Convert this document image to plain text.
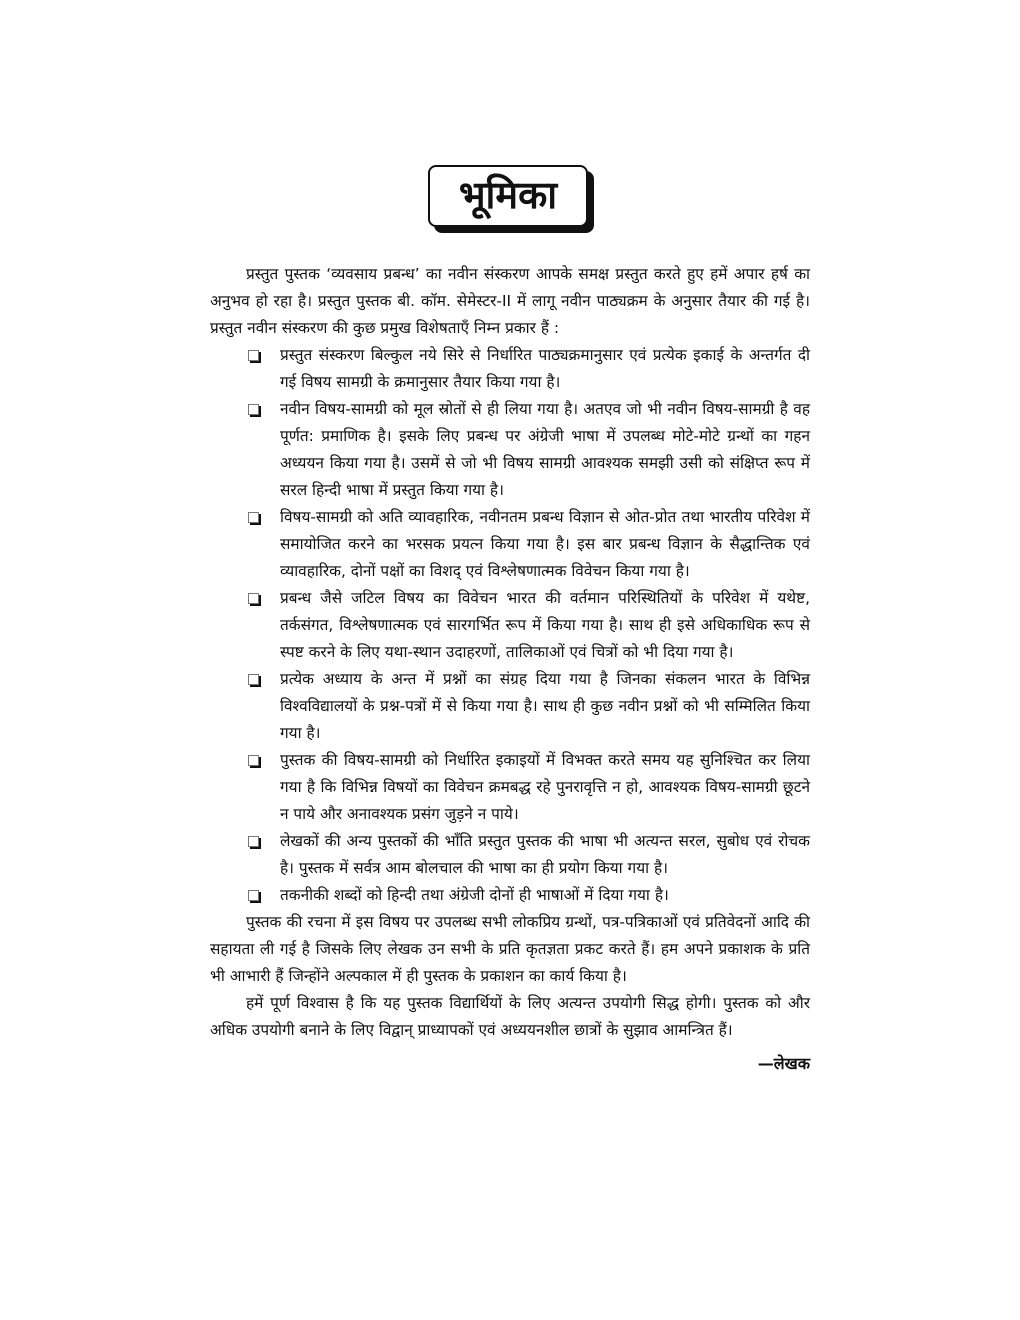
भूमिका

प्रस्तुत पुस्तक ‘व्यवसाय प्रबन्ध’ का नवीन संस्करण आपके समक्ष प्रस्तुत करते हुए हमें अपार हर्ष का अनुभव हो रहा है। प्रस्तुत पुस्तक बी. कॉम. सेमेस्टर-II में लागू नवीन पाठ्यक्रम के अनुसार तैयार की गई है। प्रस्तुत नवीन संस्करण की कुछ प्रमुख विशेषताएँ निम्न प्रकार हैं :

प्रस्तुत संस्करण बिल्कुल नये सिरे से निर्धारित पाठ्यक्रमानुसार एवं प्रत्येक इकाई के अन्तर्गत दी गई विषय सामग्री के क्रमानुसार तैयार किया गया है।
नवीन विषय-सामग्री को मूल स्रोतों से ही लिया गया है। अतएव जो भी नवीन विषय-सामग्री है वह पूर्णत: प्रमाणिक है। इसके लिए प्रबन्ध पर अंग्रेजी भाषा में उपलब्ध मोटे-मोटे ग्रन्थों का गहन अध्ययन किया गया है। उसमें से जो भी विषय सामग्री आवश्यक समझी उसी को संक्षिप्त रूप में सरल हिन्दी भाषा में प्रस्तुत किया गया है।
विषय-सामग्री को अति व्यावहारिक, नवीनतम प्रबन्ध विज्ञान से ओत-प्रोत तथा भारतीय परिवेश में समायोजित करने का भरसक प्रयत्न किया गया है। इस बार प्रबन्ध विज्ञान के सैद्धान्तिक एवं व्यावहारिक, दोनों पक्षों का विशद् एवं विश्लेषणात्मक विवेचन किया गया है।
प्रबन्ध जैसे जटिल विषय का विवेचन भारत की वर्तमान परिस्थितियों के परिवेश में यथेष्ट, तर्कसंगत, विश्लेषणात्मक एवं सारगर्भित रूप में किया गया है। साथ ही इसे अधिकाधिक रूप से स्पष्ट करने के लिए यथा-स्थान उदाहरणों, तालिकाओं एवं चित्रों को भी दिया गया है।
प्रत्येक अध्याय के अन्त में प्रश्नों का संग्रह दिया गया है जिनका संकलन भारत के विभिन्न विश्वविद्यालयों के प्रश्न-पत्रों में से किया गया है। साथ ही कुछ नवीन प्रश्नों को भी सम्मिलित किया गया है।
पुस्तक की विषय-सामग्री को निर्धारित इकाइयों में विभक्त करते समय यह सुनिश्चित कर लिया गया है कि विभिन्न विषयों का विवेचन क्रमबद्ध रहे पुनरावृत्ति न हो, आवश्यक विषय-सामग्री छूटने न पाये और अनावश्यक प्रसंग जुड़ने न पाये।
लेखकों की अन्य पुस्तकों की भाँति प्रस्तुत पुस्तक की भाषा भी अत्यन्त सरल, सुबोध एवं रोचक है। पुस्तक में सर्वत्र आम बोलचाल की भाषा का ही प्रयोग किया गया है।
तकनीकी शब्दों को हिन्दी तथा अंग्रेजी दोनों ही भाषाओं में दिया गया है।

पुस्तक की रचना में इस विषय पर उपलब्ध सभी लोकप्रिय ग्रन्थों, पत्र-पत्रिकाओं एवं प्रतिवेदनों आदि की सहायता ली गई है जिसके लिए लेखक उन सभी के प्रति कृतज्ञता प्रकट करते हैं। हम अपने प्रकाशक के प्रति भी आभारी हैं जिन्होंने अल्पकाल में ही पुस्तक के प्रकाशन का कार्य किया है।

हमें पूर्ण विश्वास है कि यह पुस्तक विद्यार्थियों के लिए अत्यन्त उपयोगी सिद्ध होगी। पुस्तक को और अधिक उपयोगी बनाने के लिए विद्वान् प्राध्यापकों एवं अध्ययनशील छात्रों के सुझाव आमन्त्रित हैं।

—लेखक
